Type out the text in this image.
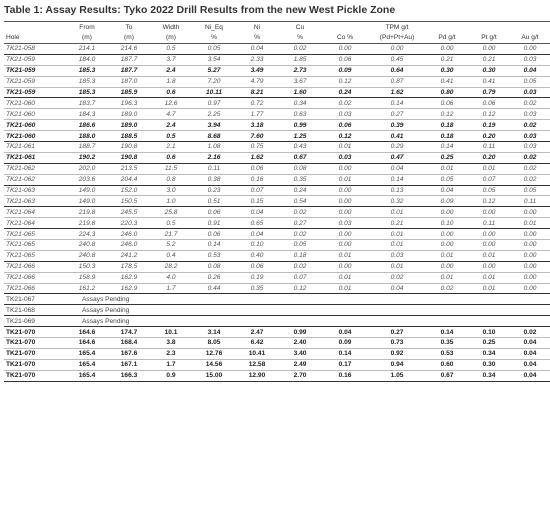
Table 1: Assay Results: Tyko 2022 Drill Results from the new West Pickle Zone
	From	To	Width	Ni_Eq	Ni	Cu		TPM g/t			
Hole	(m)	(m)	(m)	%	%	%	Co %	(Pd+Pt+Au)	Pd g/t	Pt g/t	Au g/t
TK21-058	214.1	214.6	0.5	0.05	0.04	0.02	0.00	0.00	0.00	0.00	0.00
TK21-059	184.0	187.7	3.7	3.54	2.33	1.85	0.06	0.45	0.21	0.21	0.03
TK21-059	185.3	187.7	2.4	5.27	3.49	2.73	0.09	0.64	0.30	0.30	0.04
TK21-059	185.3	187.0	1.8	7.20	4.79	3.67	0.12	0.87	0.41	0.41	0.05
TK21-059	185.3	185.9	0.6	10.11	8.21	1.60	0.24	1.62	0.80	0.79	0.03
TK21-060	183.7	196.3	12.6	0.97	0.72	0.34	0.02	0.14	0.06	0.06	0.02
TK21-060	184.3	189.0	4.7	2.25	1.77	0.63	0.03	0.27	0.12	0.12	0.03
TK21-060	186.6	189.0	2.4	3.94	3.18	0.99	0.06	0.39	0.18	0.19	0.02
TK21-060	188.0	188.5	0.5	8.68	7.60	1.25	0.12	0.41	0.18	0.20	0.03
TK21-061	188.7	190.8	2.1	1.08	0.75	0.43	0.01	0.29	0.14	0.11	0.03
TK21-061	190.2	190.8	0.6	2.16	1.62	0.67	0.03	0.47	0.25	0.20	0.02
TK21-062	202.0	213.5	11.5	0.11	0.06	0.08	0.00	0.04	0.01	0.01	0.02
TK21-062	203.6	204.4	0.8	0.38	0.16	0.35	0.01	0.14	0.05	0.07	0.02
TK21-063	149.0	152.0	3.0	0.23	0.07	0.24	0.00	0.13	0.04	0.05	0.05
TK21-063	149.0	150.5	1.0	0.51	0.15	0.54	0.00	0.32	0.09	0.12	0.11
TK21-064	219.8	245.5	25.8	0.06	0.04	0.02	0.00	0.01	0.00	0.00	0.00
TK21-064	219.8	220.3	0.5	0.91	0.65	0.27	0.03	0.21	0.10	0.11	0.01
TK21-065	224.3	246.0	21.7	0.06	0.04	0.02	0.00	0.01	0.00	0.00	0.00
TK21-065	240.8	246.0	5.2	0.14	0.10	0.05	0.00	0.01	0.00	0.00	0.00
TK21-065	240.8	241.2	0.4	0.53	0.40	0.18	0.01	0.03	0.01	0.01	0.00
TK21-066	150.3	178.5	28.2	0.08	0.06	0.02	0.00	0.01	0.00	0.00	0.00
TK21-066	158.9	162.9	4.0	0.26	0.19	0.07	0.01	0.02	0.01	0.01	0.00
TK21-066	161.2	162.9	1.7	0.44	0.35	0.12	0.01	0.04	0.02	0.01	0.00
TK21-067	Assays Pending										
TK21-068	Assays Pending										
TK21-069	Assays Pending										
TK21-070	164.6	174.7	10.1	3.14	2.47	0.99	0.04	0.27	0.14	0.10	0.02
TK21-070	164.6	168.4	3.8	8.05	6.42	2.40	0.09	0.73	0.35	0.25	0.04
TK21-070	165.4	167.6	2.3	12.76	10.41	3.40	0.14	0.92	0.53	0.34	0.04
TK21-070	165.4	167.1	1.7	14.56	12.58	2.49	0.17	0.94	0.60	0.30	0.04
TK21-070	165.4	166.3	0.9	15.00	12.90	2.70	0.16	1.05	0.67	0.34	0.04
